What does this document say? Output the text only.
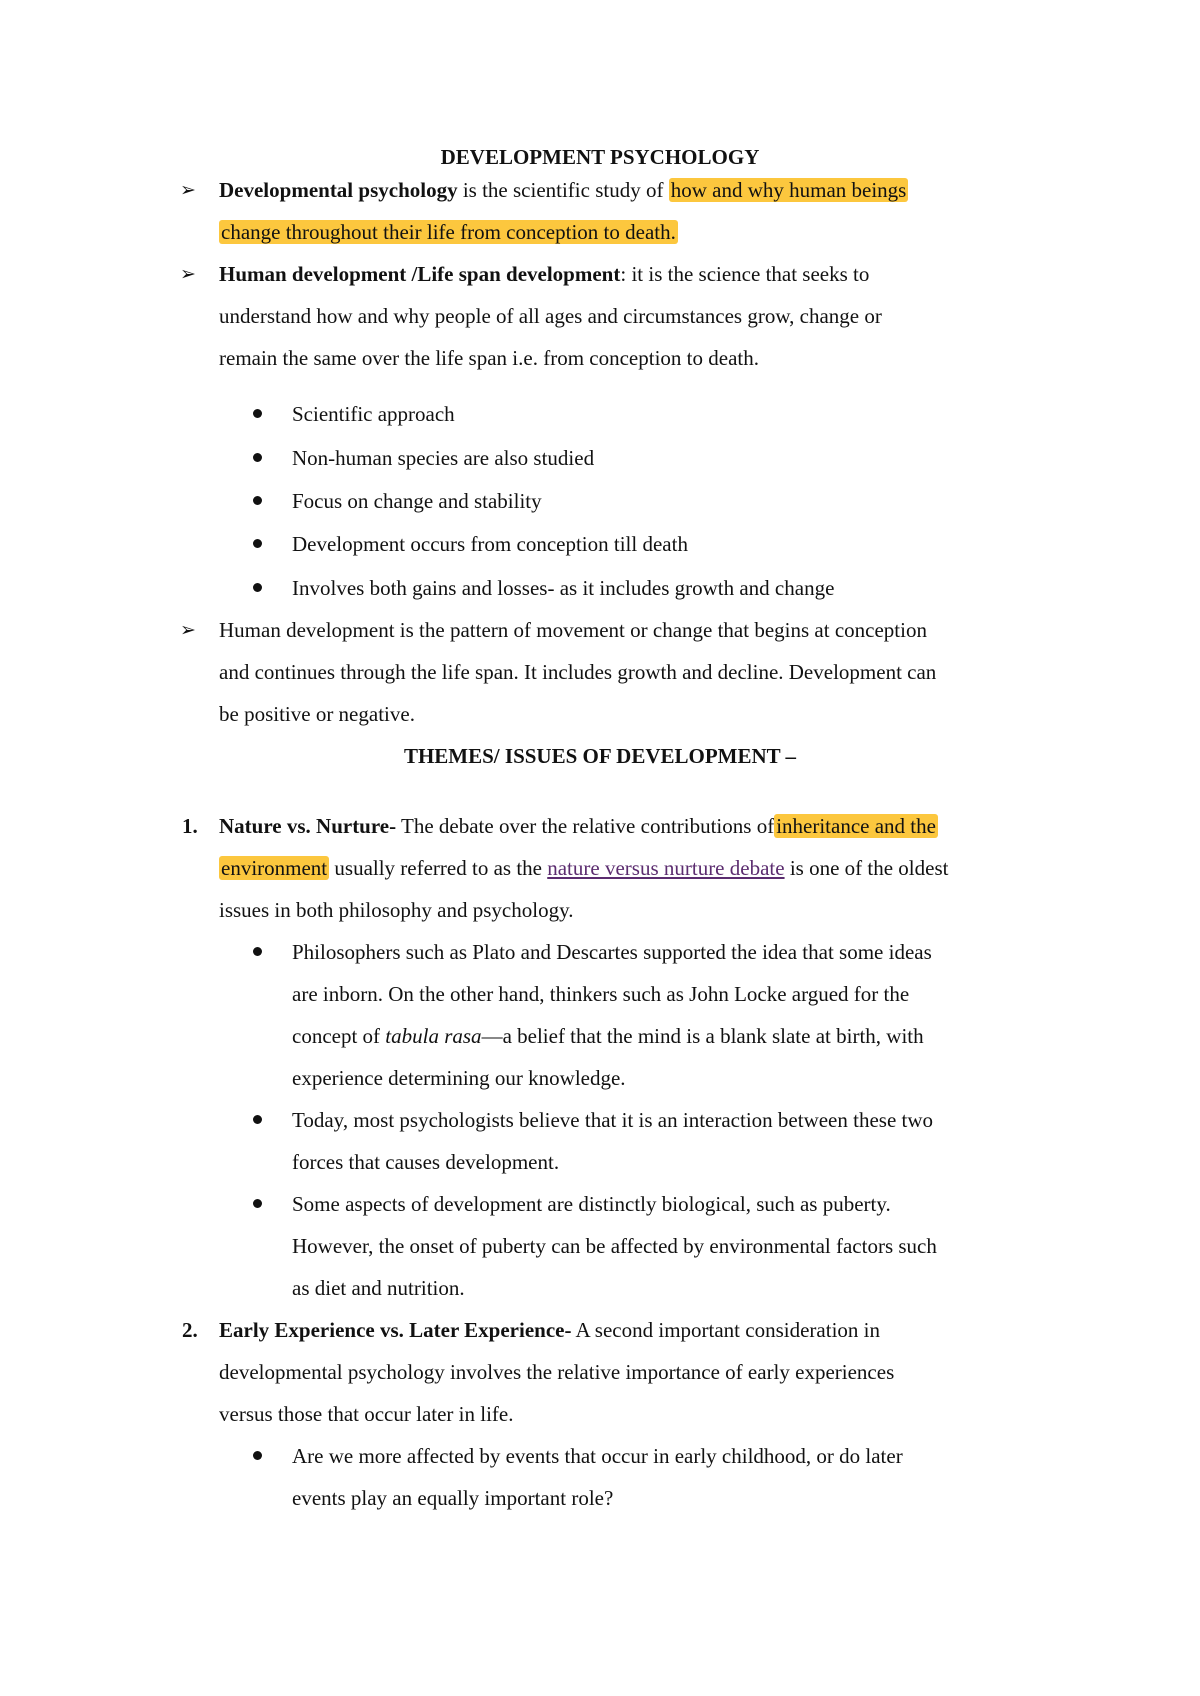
DEVELOPMENT PSYCHOLOGY
➢ Developmental psychology is the scientific study of how and why human beings
change throughout their life from conception to death.
➢ Human development /Life span development: it is the science that seeks to
understand how and why people of all ages and circumstances grow, change or
remain the same over the life span i.e. from conception to death.
Scientific approach
Non-human species are also studied
Focus on change and stability
Development occurs from conception till death
Involves both gains and losses- as it includes growth and change
➢ Human development is the pattern of movement or change that begins at conception
and continues through the life span. It includes growth and decline. Development can
be positive or negative.
THEMES/ ISSUES OF DEVELOPMENT –
1. Nature vs. Nurture- The debate over the relative contributions ofinheritance and the
environment usually referred to as the nature versus nurture debate is one of the oldest
issues in both philosophy and psychology.
Philosophers such as Plato and Descartes supported the idea that some ideas
are inborn. On the other hand, thinkers such as John Locke argued for the
concept of tabula rasa—a belief that the mind is a blank slate at birth, with
experience determining our knowledge.
Today, most psychologists believe that it is an interaction between these two
forces that causes development.
Some aspects of development are distinctly biological, such as puberty.
However, the onset of puberty can be affected by environmental factors such
as diet and nutrition.
2. Early Experience vs. Later Experience- A second important consideration in
developmental psychology involves the relative importance of early experiences
versus those that occur later in life.
Are we more affected by events that occur in early childhood, or do later
events play an equally important role?
